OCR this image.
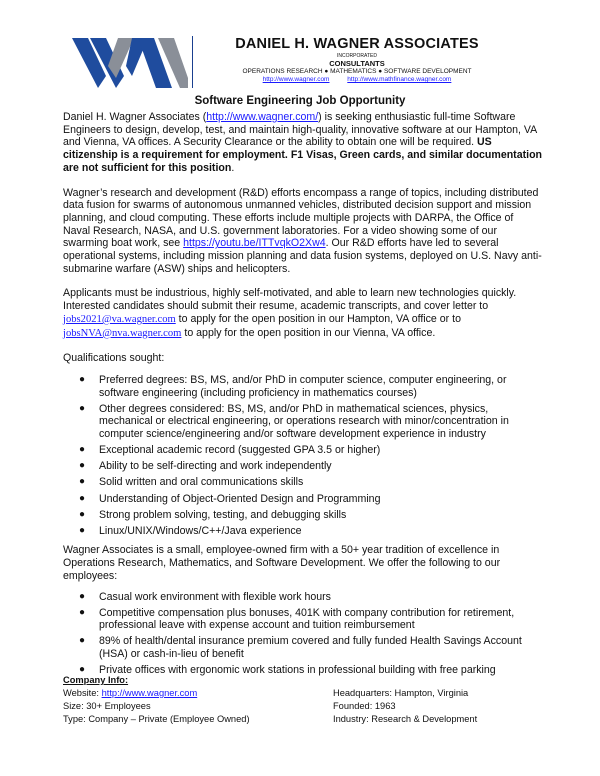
DANIEL H. WAGNER ASSOCIATES
INCORPORATED
CONSULTANTS
OPERATIONS RESEARCH ● MATHEMATICS ● SOFTWARE DEVELOPMENT
http://www.wagner.com	http://www.mathfinance.wagner.com
Software Engineering Job Opportunity

Daniel H. Wagner Associates (http://www.wagner.com/) is seeking enthusiastic full-time Software Engineers to design, develop, test, and maintain high-quality, innovative software at our Hampton, VA and Vienna, VA offices. A Security Clearance or the ability to obtain one will be required. US citizenship is a requirement for employment. F1 Visas, Green cards, and similar documentation are not sufficient for this position.

Wagner’s research and development (R&D) efforts encompass a range of topics, including distributed data fusion for swarms of autonomous unmanned vehicles, distributed decision support and mission planning, and cloud computing. These efforts include multiple projects with DARPA, the Office of Naval Research, NASA, and U.S. government laboratories. For a video showing some of our swarming boat work, see https://youtu.be/ITTvqkO2Xw4. Our R&D efforts have led to several operational systems, including mission planning and data fusion systems, deployed on U.S. Navy anti-submarine warfare (ASW) ships and helicopters.

Applicants must be industrious, highly self-motivated, and able to learn new technologies quickly. Interested candidates should submit their resume, academic transcripts, and cover letter to jobs2021@va.wagner.com to apply for the open position in our Hampton, VA office or to jobsNVA@nva.wagner.com to apply for the open position in our Vienna, VA office.

Qualifications sought:

● Preferred degrees: BS, MS, and/or PhD in computer science, computer engineering, or software engineering (including proficiency in mathematics courses)
● Other degrees considered: BS, MS, and/or PhD in mathematical sciences, physics, mechanical or electrical engineering, or operations research with minor/concentration in computer science/engineering and/or software development experience in industry
● Exceptional academic record (suggested GPA 3.5 or higher)
● Ability to be self-directing and work independently
● Solid written and oral communications skills
● Understanding of Object-Oriented Design and Programming
● Strong problem solving, testing, and debugging skills
● Linux/UNIX/Windows/C++/Java experience

Wagner Associates is a small, employee-owned firm with a 50+ year tradition of excellence in Operations Research, Mathematics, and Software Development. We offer the following to our employees:

● Casual work environment with flexible work hours
● Competitive compensation plus bonuses, 401K with company contribution for retirement, professional leave with expense account and tuition reimbursement
● 89% of health/dental insurance premium covered and fully funded Health Savings Account (HSA) or cash-in-lieu of benefit
● Private offices with ergonomic work stations in professional building with free parking
Company Info:
Website: http://www.wagner.com	Headquarters: Hampton, Virginia
Size: 30+ Employees	Founded: 1963
Type: Company – Private (Employee Owned)	Industry: Research & Development
